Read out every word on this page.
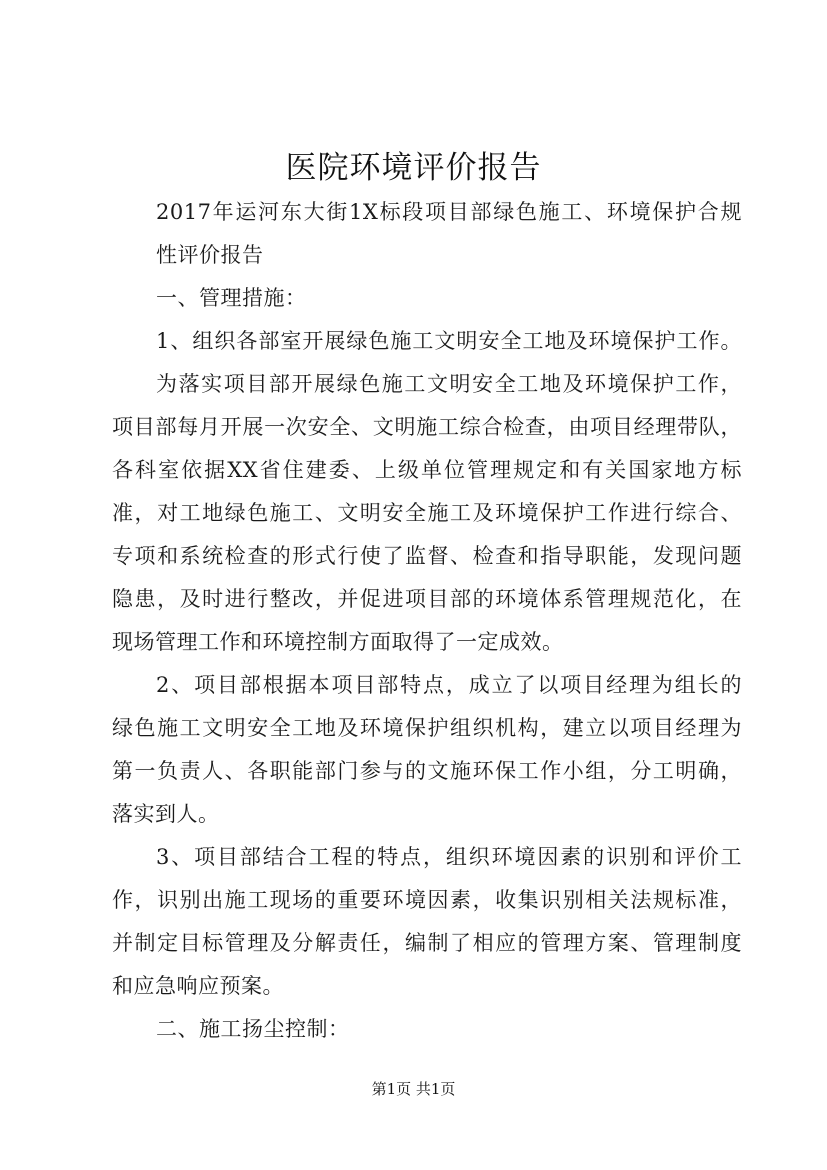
医院环境评价报告
2017年运河东大街1X标段项目部绿色施工、环境保护合规
性评价报告
一、管理措施：
1、组织各部室开展绿色施工文明安全工地及环境保护工作。
为落实项目部开展绿色施工文明安全工地及环境保护工作，
项目部每月开展一次安全、文明施工综合检查，由项目经理带队，
各科室依据XX省住建委、上级单位管理规定和有关国家地方标
准，对工地绿色施工、文明安全施工及环境保护工作进行综合、
专项和系统检查的形式行使了监督、检查和指导职能，发现问题
隐患，及时进行整改，并促进项目部的环境体系管理规范化，在
现场管理工作和环境控制方面取得了一定成效。
2、项目部根据本项目部特点，成立了以项目经理为组长的
绿色施工文明安全工地及环境保护组织机构，建立以项目经理为
第一负责人、各职能部门参与的文施环保工作小组，分工明确，
落实到人。
3、项目部结合工程的特点，组织环境因素的识别和评价工
作，识别出施工现场的重要环境因素，收集识别相关法规标准，
并制定目标管理及分解责任，编制了相应的管理方案、管理制度
和应急响应预案。
二、施工扬尘控制：
第1页 共1页
